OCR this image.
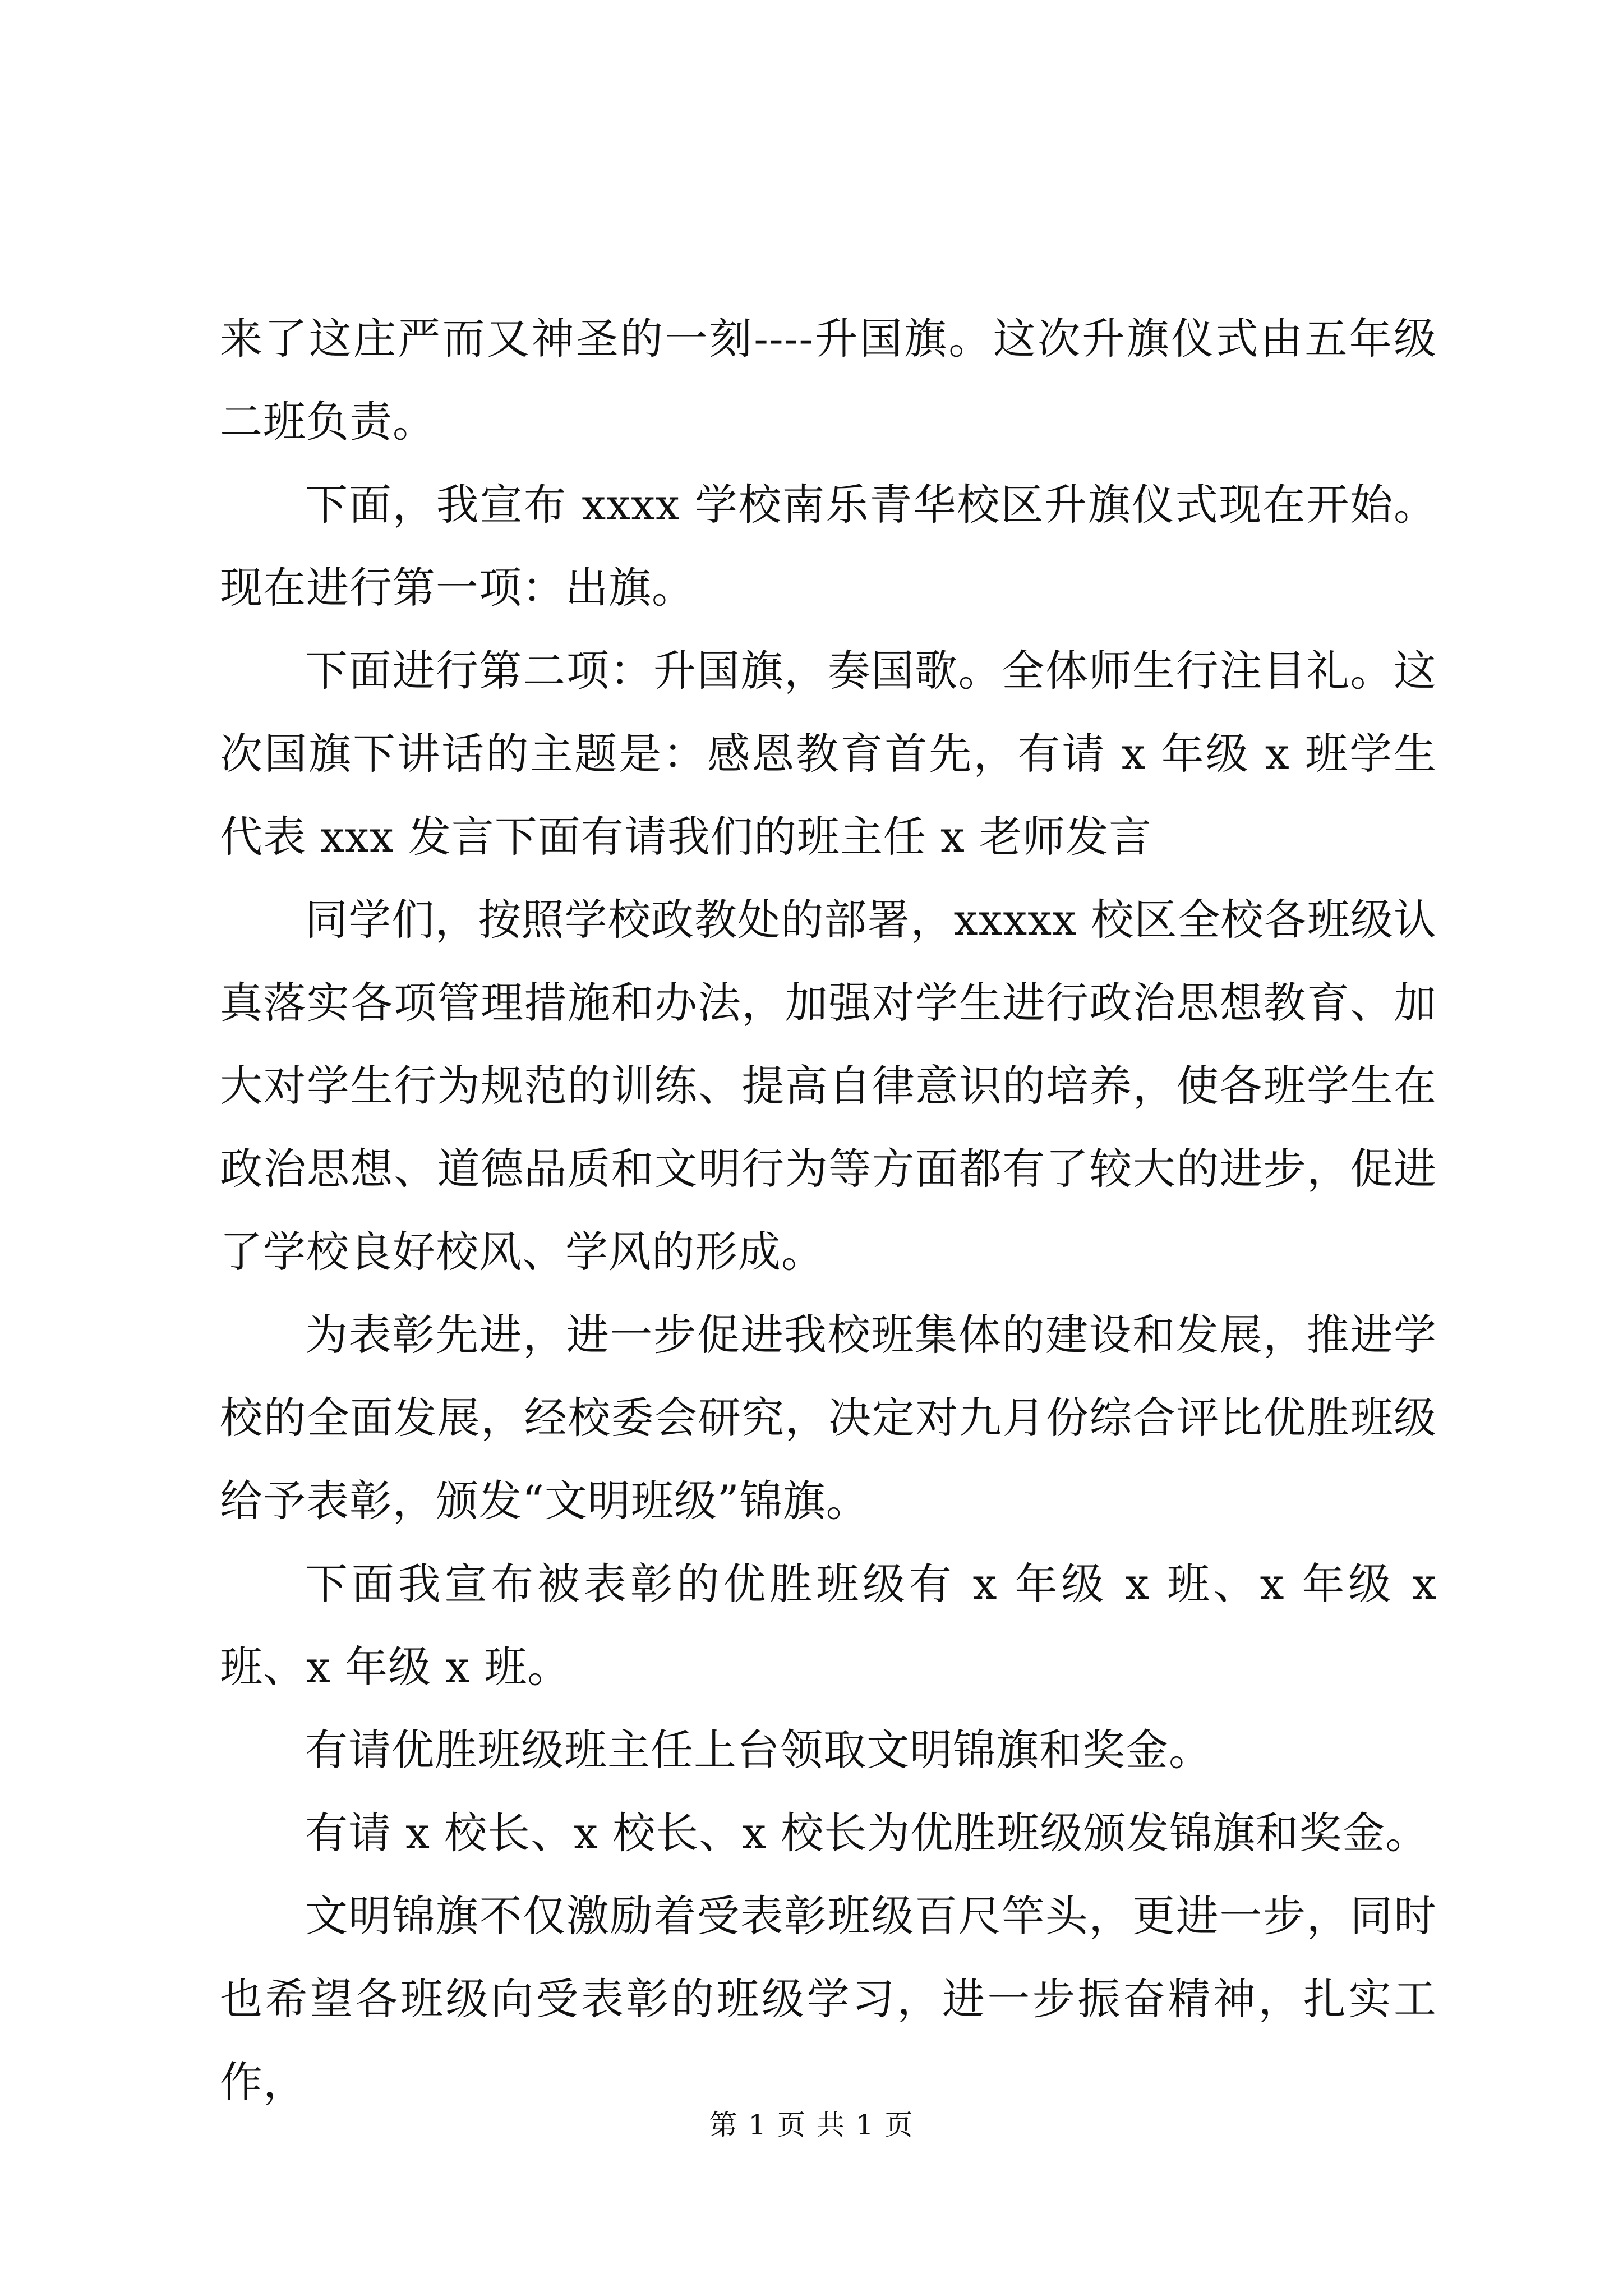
来了这庄严而又神圣的一刻----升国旗。这次升旗仪式由五年级二班负责。

下面，我宣布 xxxx 学校南乐青华校区升旗仪式现在开始。现在进行第一项：出旗。

下面进行第二项：升国旗，奏国歌。全体师生行注目礼。这次国旗下讲话的主题是：感恩教育首先，有请 x 年级 x 班学生代表 xxx 发言下面有请我们的班主任 x 老师发言

同学们，按照学校政教处的部署，xxxxx 校区全校各班级认真落实各项管理措施和办法，加强对学生进行政治思想教育、加大对学生行为规范的训练、提高自律意识的培养，使各班学生在政治思想、道德品质和文明行为等方面都有了较大的进步，促进了学校良好校风、学风的形成。

为表彰先进，进一步促进我校班集体的建设和发展，推进学校的全面发展，经校委会研究，决定对九月份综合评比优胜班级给予表彰，颁发“文明班级”锦旗。

下面我宣布被表彰的优胜班级有 x 年级 x 班、x 年级 x 班、x 年级 x 班。

有请优胜班级班主任上台领取文明锦旗和奖金。

有请 x 校长、x 校长、x 校长为优胜班级颁发锦旗和奖金。

文明锦旗不仅激励着受表彰班级百尺竿头，更进一步，同时也希望各班级向受表彰的班级学习，进一步振奋精神，扎实工作，

第 1 页 共 1 页
